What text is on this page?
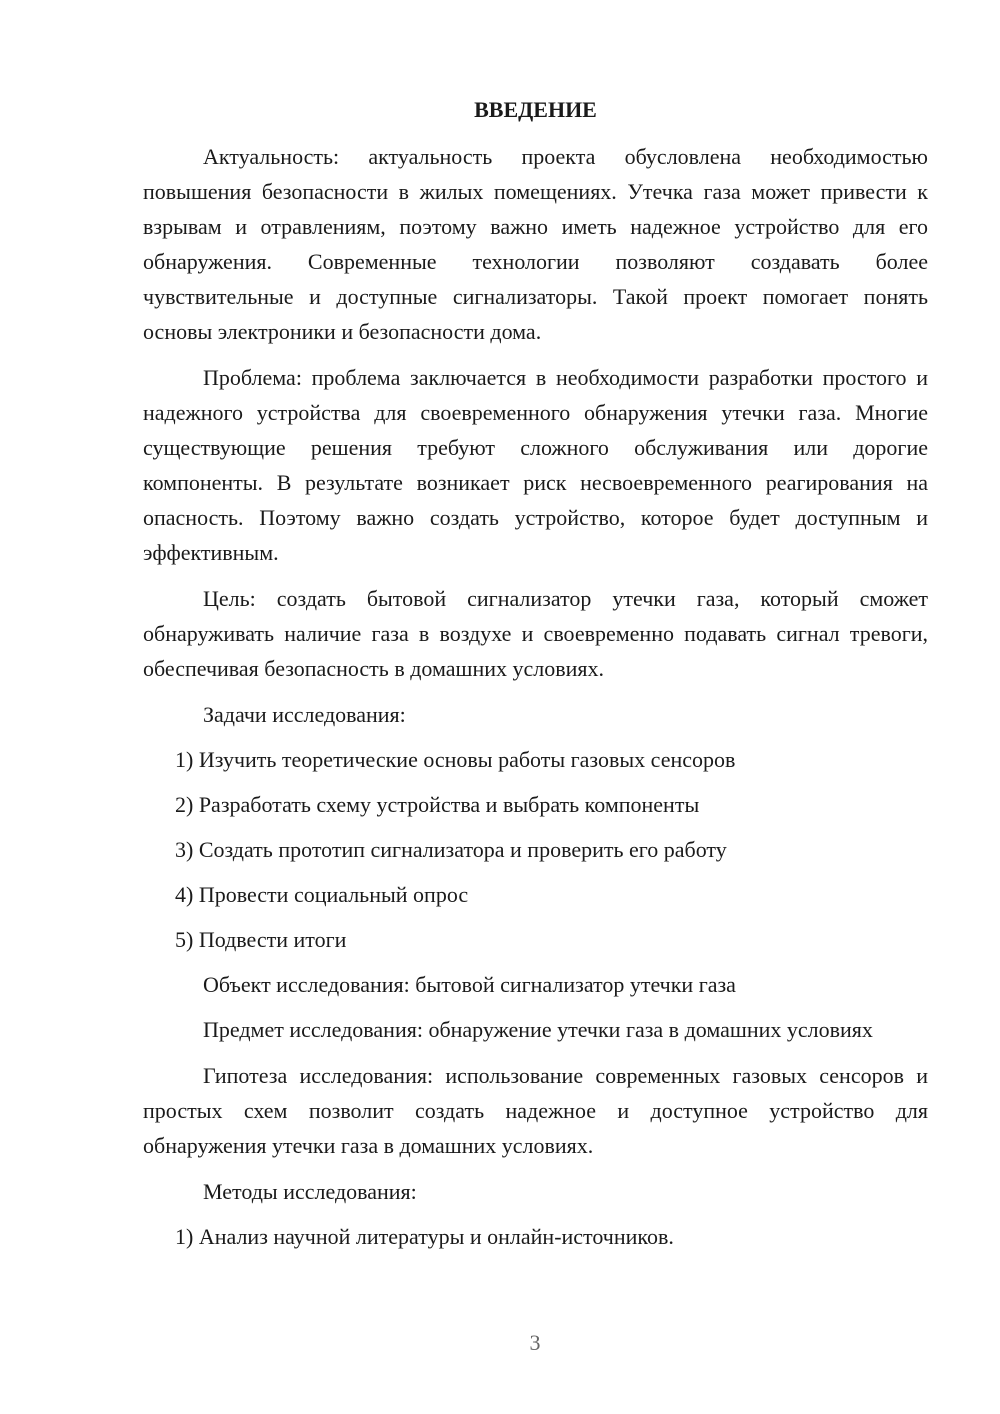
ВВЕДЕНИЕ

Актуальность: актуальность проекта обусловлена необходимостью повышения безопасности в жилых помещениях. Утечка газа может привести к взрывам и отравлениям, поэтому важно иметь надежное устройство для его обнаружения. Современные технологии позволяют создавать более чувствительные и доступные сигнализаторы. Такой проект помогает понять основы электроники и безопасности дома.

Проблема: проблема заключается в необходимости разработки простого и надежного устройства для своевременного обнаружения утечки газа. Многие существующие решения требуют сложного обслуживания или дорогие компоненты. В результате возникает риск несвоевременного реагирования на опасность. Поэтому важно создать устройство, которое будет доступным и эффективным.

Цель: создать бытовой сигнализатор утечки газа, который сможет обнаруживать наличие газа в воздухе и своевременно подавать сигнал тревоги, обеспечивая безопасность в домашних условиях.

Задачи исследования:

1) Изучить теоретические основы работы газовых сенсоров
2) Разработать схему устройства и выбрать компоненты
3) Создать прототип сигнализатора и проверить его работу
4) Провести социальный опрос
5) Подвести итоги

Объект исследования: бытовой сигнализатор утечки газа

Предмет исследования: обнаружение утечки газа в домашних условиях

Гипотеза исследования: использование современных газовых сенсоров и простых схем позволит создать надежное и доступное устройство для обнаружения утечки газа в домашних условиях.

Методы исследования:

1) Анализ научной литературы и онлайн-источников.
3
